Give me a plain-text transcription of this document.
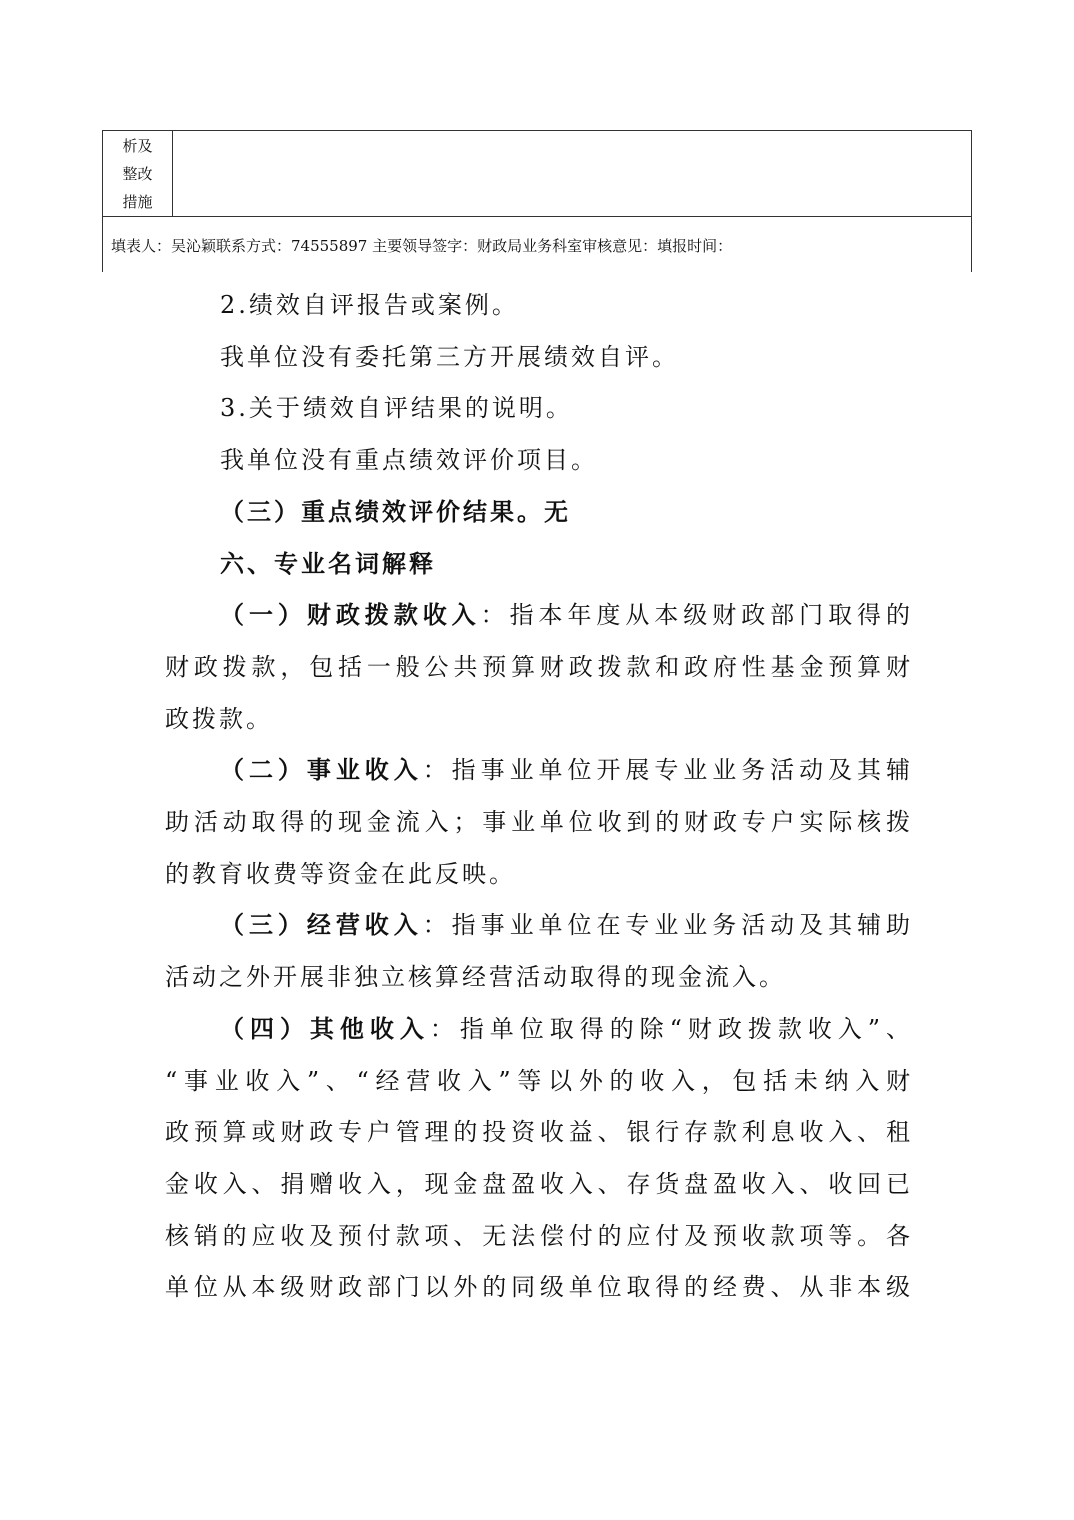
析及
整改
措施
填表人：吴沁颖联系方式：74555897 主要领导签字：财政局业务科室审核意见：填报时间：
2.绩效自评报告或案例。
我单位没有委托第三方开展绩效自评。
3.关于绩效自评结果的说明。
我单位没有重点绩效评价项目。
（三）重点绩效评价结果。无
六、专业名词解释
（一）财政拨款收入：指本年度从本级财政部门取得的
财政拨款，包括一般公共预算财政拨款和政府性基金预算财
政拨款。
（二）事业收入：指事业单位开展专业业务活动及其辅
助活动取得的现金流入；事业单位收到的财政专户实际核拨
的教育收费等资金在此反映。
（三）经营收入：指事业单位在专业业务活动及其辅助
活动之外开展非独立核算经营活动取得的现金流入。
（四）其他收入：指单位取得的除“财政拨款收入”、
“事业收入”、“经营收入”等以外的收入，包括未纳入财
政预算或财政专户管理的投资收益、银行存款利息收入、租
金收入、捐赠收入，现金盘盈收入、存货盘盈收入、收回已
核销的应收及预付款项、无法偿付的应付及预收款项等。各
单位从本级财政部门以外的同级单位取得的经费、从非本级
